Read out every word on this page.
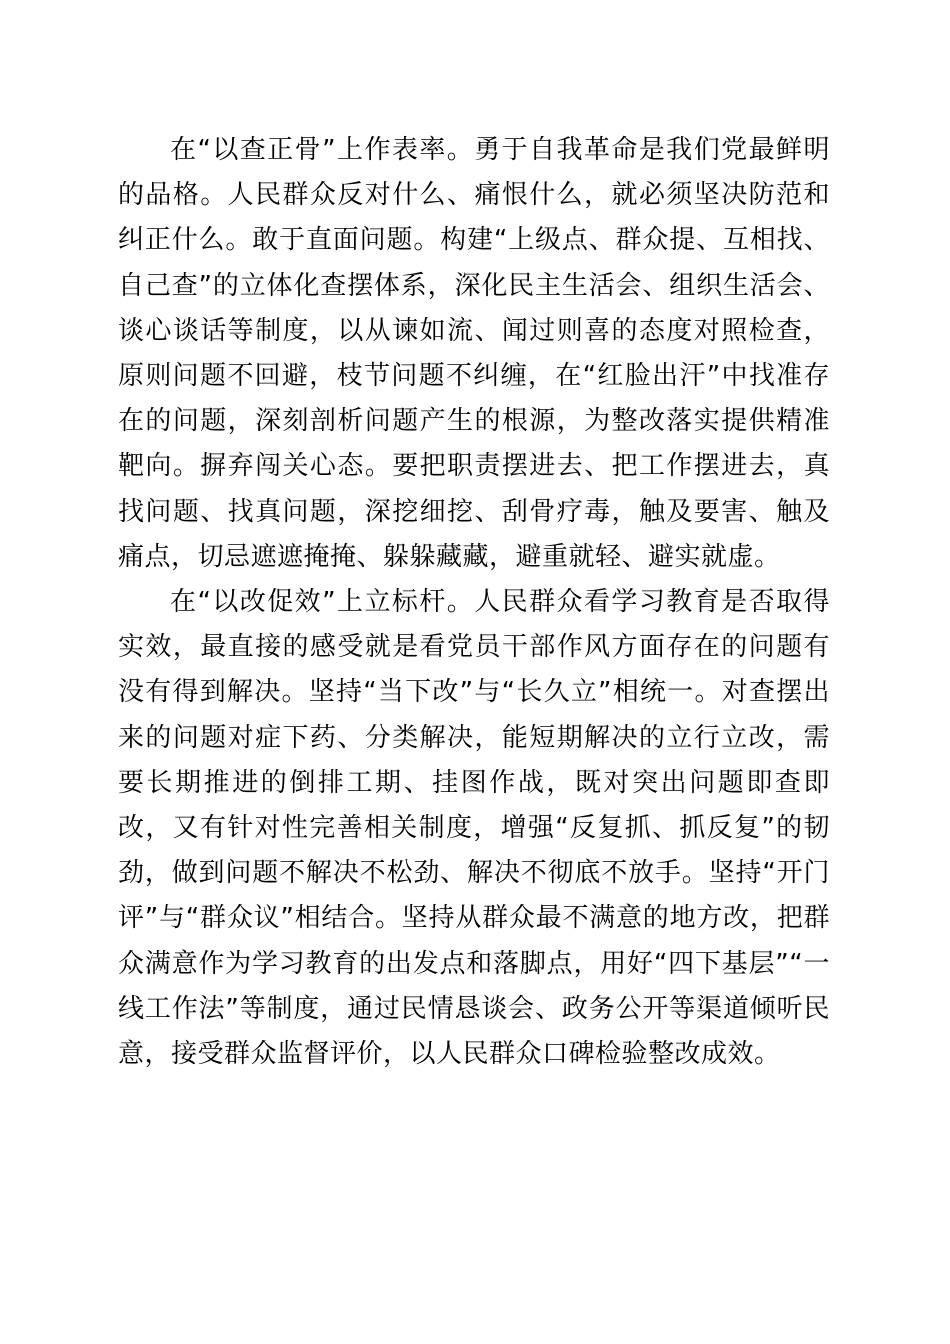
在“以查正骨”上作表率。勇于自我革命是我们党最鲜明的品格。人民群众反对什么、痛恨什么，就必须坚决防范和纠正什么。敢于直面问题。构建“上级点、群众提、互相找、自己查”的立体化查摆体系，深化民主生活会、组织生活会、谈心谈话等制度，以从谏如流、闻过则喜的态度对照检查，原则问题不回避，枝节问题不纠缠，在“红脸出汗”中找准存在的问题，深刻剖析问题产生的根源，为整改落实提供精准靶向。摒弃闯关心态。要把职责摆进去、把工作摆进去，真找问题、找真问题，深挖细挖、刮骨疗毒，触及要害、触及痛点，切忌遮遮掩掩、躲躲藏藏，避重就轻、避实就虚。

在“以改促效”上立标杆。人民群众看学习教育是否取得实效，最直接的感受就是看党员干部作风方面存在的问题有没有得到解决。坚持“当下改”与“长久立”相统一。对查摆出来的问题对症下药、分类解决，能短期解决的立行立改，需要长期推进的倒排工期、挂图作战，既对突出问题即查即改，又有针对性完善相关制度，增强“反复抓、抓反复”的韧劲，做到问题不解决不松劲、解决不彻底不放手。坚持“开门评”与“群众议”相结合。坚持从群众最不满意的地方改，把群众满意作为学习教育的出发点和落脚点，用好“四下基层”“一线工作法”等制度，通过民情恳谈会、政务公开等渠道倾听民意，接受群众监督评价，以人民群众口碑检验整改成效。
